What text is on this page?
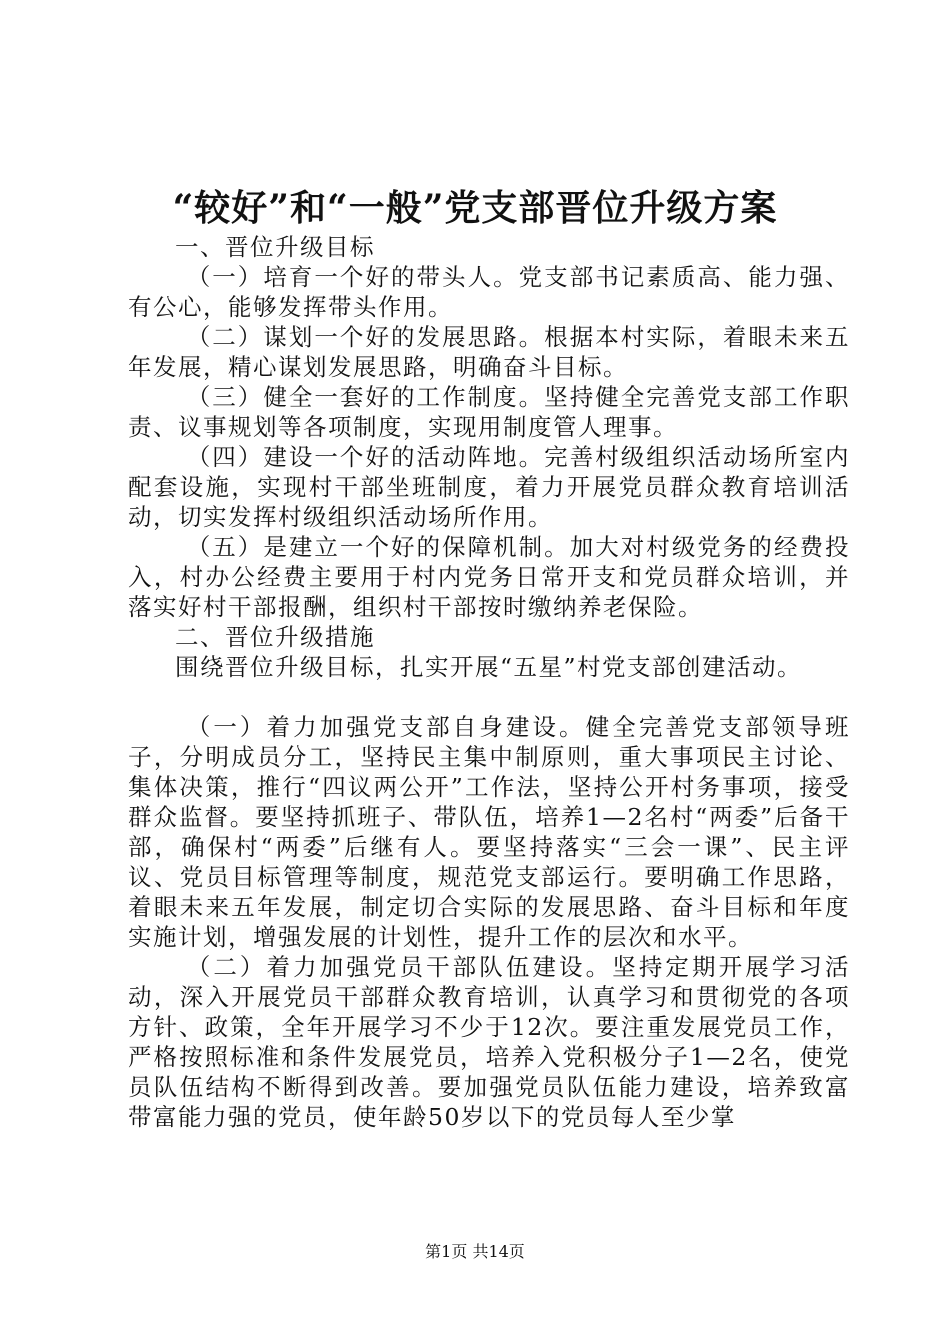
“较好”和“一般”党支部晋位升级方案

一、晋位升级目标

（一）培育一个好的带头人。党支部书记素质高、能力强、有公心，能够发挥带头作用。

（二）谋划一个好的发展思路。根据本村实际，着眼未来五年发展，精心谋划发展思路，明确奋斗目标。

（三）健全一套好的工作制度。坚持健全完善党支部工作职责、议事规划等各项制度，实现用制度管人理事。

（四）建设一个好的活动阵地。完善村级组织活动场所室内配套设施，实现村干部坐班制度，着力开展党员群众教育培训活动，切实发挥村级组织活动场所作用。

（五）是建立一个好的保障机制。加大对村级党务的经费投入，村办公经费主要用于村内党务日常开支和党员群众培训，并落实好村干部报酬，组织村干部按时缴纳养老保险。

二、晋位升级措施

围绕晋位升级目标，扎实开展“五星”村党支部创建活动。

（一）着力加强党支部自身建设。健全完善党支部领导班子，分明成员分工，坚持民主集中制原则，重大事项民主讨论、集体决策，推行“四议两公开”工作法，坚持公开村务事项，接受群众监督。要坚持抓班子、带队伍，培养1—2名村“两委”后备干部，确保村“两委”后继有人。要坚持落实“三会一课”、民主评议、党员目标管理等制度，规范党支部运行。要明确工作思路，着眼未来五年发展，制定切合实际的发展思路、奋斗目标和年度实施计划，增强发展的计划性，提升工作的层次和水平。

（二）着力加强党员干部队伍建设。坚持定期开展学习活动，深入开展党员干部群众教育培训，认真学习和贯彻党的各项方针、政策，全年开展学习不少于12次。要注重发展党员工作，严格按照标准和条件发展党员，培养入党积极分子1—2名，使党员队伍结构不断得到改善。要加强党员队伍能力建设，培养致富带富能力强的党员，使年龄50岁以下的党员每人至少掌

第1页 共14页
